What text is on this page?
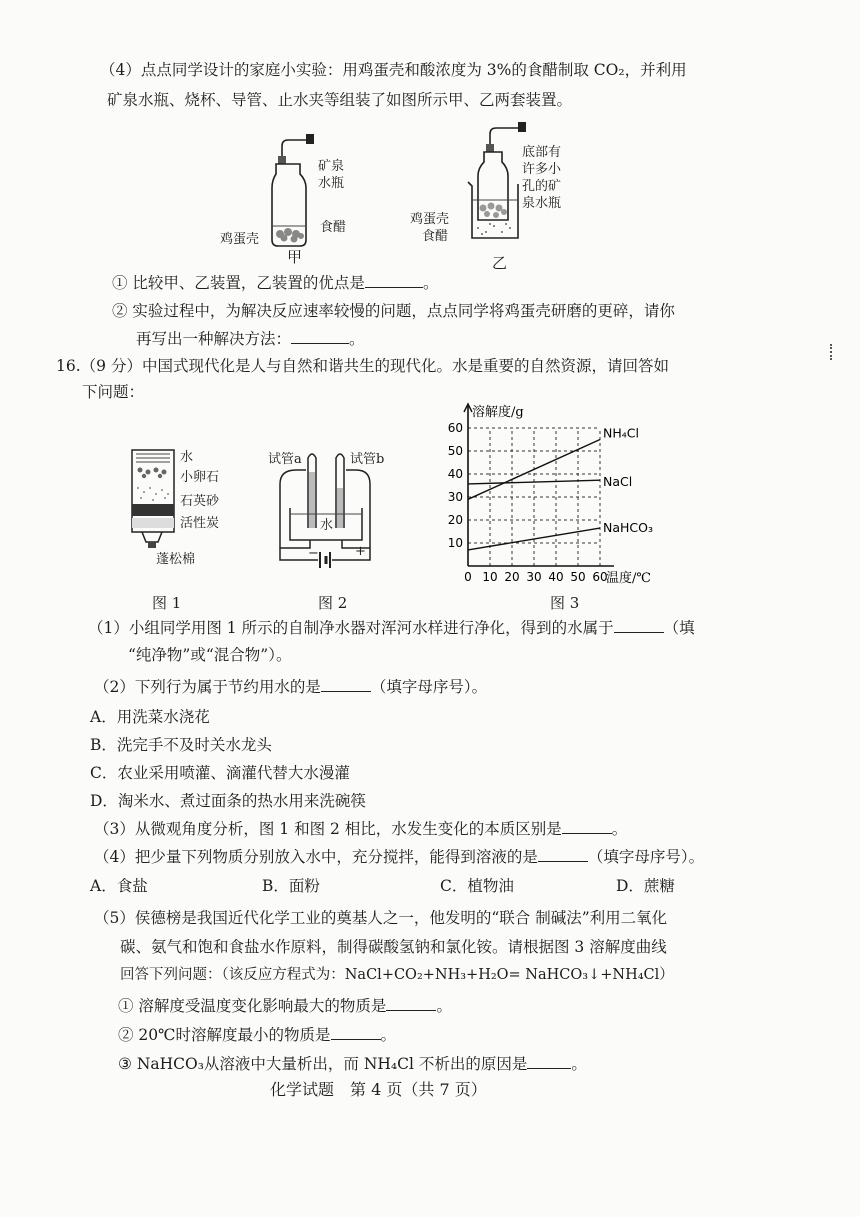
（4）点点同学设计的家庭小实验：用鸡蛋壳和酸浓度为 3%的食醋制取 CO₂，并利用
矿泉水瓶、烧杯、导管、止水夹等组装了如图所示甲、乙两套装置。
矿泉
水瓶
食醋
鸡蛋壳
甲
底部有
许多小
孔的矿
泉水瓶
鸡蛋壳
食醋
乙
① 比较甲、乙装置，乙装置的优点是	。
② 实验过程中，为解决反应速率较慢的问题，点点同学将鸡蛋壳研磨的更碎，请你
再写出一种解决方法：	。
16.（9 分）中国式现代化是人与自然和谐共生的现代化。水是重要的自然资源，请回答如
下问题：
水
小卵石
石英砂
活性炭
蓬松棉
图 1
试管a	试管b
水
−	+
图 2
0 10 20 30 40 50 60
10
20
30
40
50
60
溶解度/g
温度/℃
NH₄Cl
NaCl
NaHCO₃
图 3
（1）小组同学用图 1 所示的自制净水器对浑河水样进行净化，得到的水属于	（填
“纯净物”或“混合物”）。
（2）下列行为属于节约用水的是	（填字母序号）。
A．用洗菜水浇花
B．洗完手不及时关水龙头
C．农业采用喷灌、滴灌代替大水漫灌
D．淘米水、煮过面条的热水用来洗碗筷
（3）从微观角度分析，图 1 和图 2 相比，水发生变化的本质区别是	。
（4）把少量下列物质分别放入水中，充分搅拌，能得到溶液的是	（填字母序号）。
A．食盐	B．面粉	C．植物油	D．蔗糖
（5）侯德榜是我国近代化学工业的奠基人之一，他发明的“联合 制碱法”利用二氧化
碳、氨气和饱和食盐水作原料，制得碳酸氢钠和氯化铵。请根据图 3 溶解度曲线
回答下列问题：（该反应方程式为：NaCl+CO₂+NH₃+H₂O= NaHCO₃↓+NH₄Cl）
① 溶解度受温度变化影响最大的物质是	。
② 20℃时溶解度最小的物质是	。
③ NaHCO₃从溶液中大量析出，而 NH₄Cl 不析出的原因是	。
化学试题　第 4 页（共 7 页）
